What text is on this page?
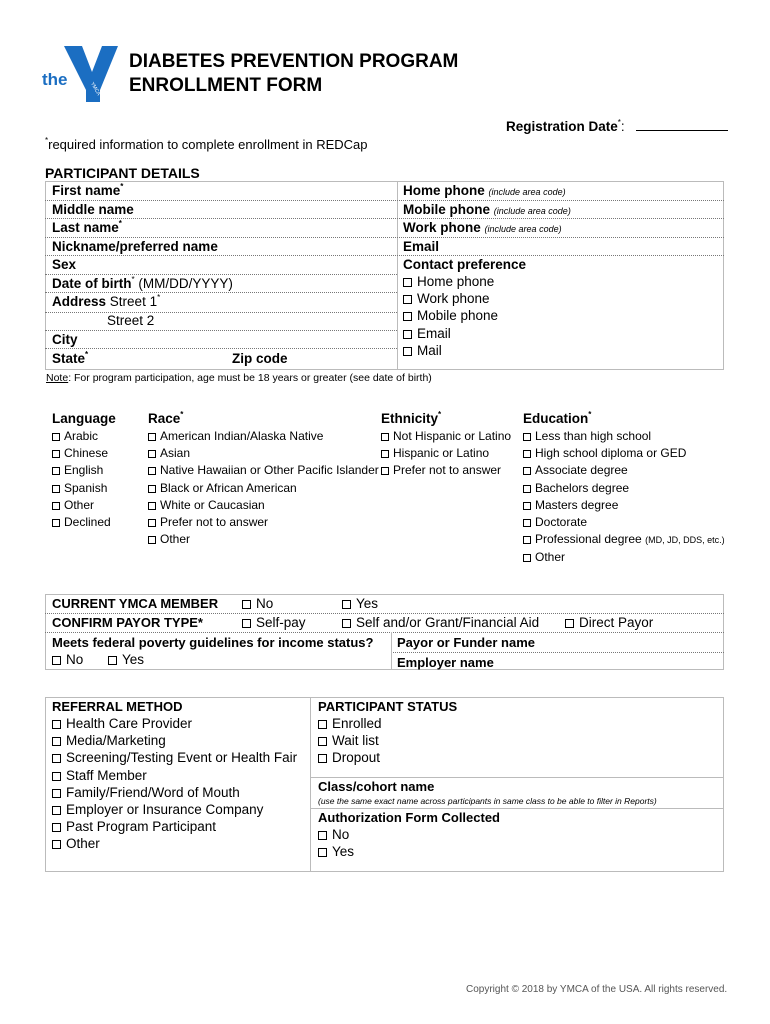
the	YMCA
DIABETES PREVENTION PROGRAM
ENROLLMENT FORM
Registration Date*:
*required information to complete enrollment in REDCap
PARTICIPANT DETAILS
First name*
Middle name
Last name*
Nickname/preferred name
Sex
Date of birth* (MM/DD/YYYY)
Address Street 1*
Street 2
City
State*	Zip code
Home phone (include area code)
Mobile phone (include area code)
Work phone (include area code)
Email
Contact preference
Home phone
Work phone
Mobile phone
Email
Mail
Note: For program participation, age must be 18 years or greater (see date of birth)
Language
Arabic
Chinese
English
Spanish
Other
Declined
Race*
American Indian/Alaska Native
Asian
Native Hawaiian or Other Pacific Islander
Black or African American
White or Caucasian
Prefer not to answer
Other
Ethnicity*
Not Hispanic or Latino
Hispanic or Latino
Prefer not to answer
Education*
Less than high school
High school diploma or GED
Associate degree
Bachelors degree
Masters degree
Doctorate
Professional degree (MD, JD, DDS, etc.)
Other
CURRENT YMCA MEMBER	No	Yes
CONFIRM PAYOR TYPE*	Self-pay	Self and/or Grant/Financial Aid	Direct Payor
Meets federal poverty guidelines for income status?
No	Yes
Payor or Funder name
Employer name
REFERRAL METHOD
Health Care Provider
Media/Marketing
Screening/Testing Event or Health Fair
Staff Member
Family/Friend/Word of Mouth
Employer or Insurance Company
Past Program Participant
Other
PARTICIPANT STATUS
Enrolled
Wait list
Dropout
Class/cohort name
(use the same exact name across participants in same class to be able to filter in Reports)
Authorization Form Collected
No
Yes
Copyright © 2018 by YMCA of the USA. All rights reserved.
